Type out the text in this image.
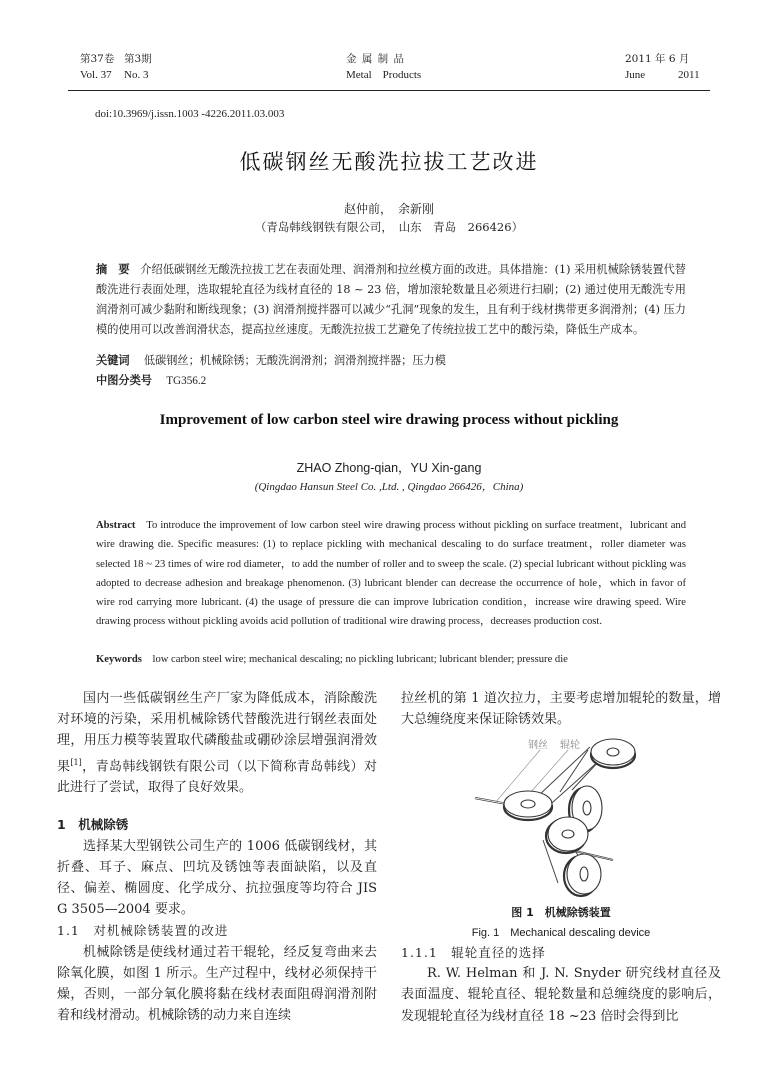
第37卷 第3期
Vol. 37 No. 3
金 属 制 品
Metal    Products
2011 年 6 月
June	2011
doi:10.3969/j.issn.1003 -4226.2011.03.003
低碳钢丝无酸洗拉拔工艺改进
赵仲前，　余新刚
（青岛韩线钢铁有限公司，　山东　青岛　266426）
摘　要 介绍低碳钢丝无酸洗拉拔工艺在表面处理、润滑剂和拉丝模方面的改进。具体措施：(1) 采用机械除锈装置代替酸洗进行表面处理，选取辊轮直径为线材直径的 18 ~ 23 倍，增加滚轮数量且必须进行扫刷；(2) 通过使用无酸洗专用润滑剂可减少黏附和断线现象；(3) 润滑剂搅拌器可以减少“孔洞”现象的发生，且有利于线材携带更多润滑剂；(4) 压力模的使用可以改善润滑状态，提高拉丝速度。无酸洗拉拔工艺避免了传统拉拔工艺中的酸污染，降低生产成本。
关键词 低碳钢丝；机械除锈；无酸洗润滑剂；润滑剂搅拌器；压力模
中图分类号 TG356.2
Improvement of low carbon steel wire drawing process without pickling
ZHAO Zhong-qian，YU Xin-gang
(Qingdao Hansun Steel Co. ,Ltd. , Qingdao 266426，China)
Abstract To introduce the improvement of low carbon steel wire drawing process without pickling on surface treatment，lubricant and wire drawing die. Specific measures: (1) to replace pickling with mechanical descaling to do surface treatment，roller diameter was selected 18 ~ 23 times of wire rod diameter，to add the number of roller and to sweep the scale. (2) special lubricant without pickling was adopted to decrease adhesion and breakage phenomenon. (3) lubricant blender can decrease the occurrence of hole，which in favor of wire rod carrying more lubricant. (4) the usage of pressure die can improve lubrication condition，increase wire drawing speed. Wire drawing process without pickling avoids acid pollution of traditional wire drawing process，decreases production cost.
Keywords low carbon steel wire; mechanical descaling; no pickling lubricant; lubricant blender; pressure die

国内一些低碳钢丝生产厂家为降低成本，消除酸洗对环境的污染，采用机械除锈代替酸洗进行钢丝表面处理，用压力模等装置取代磷酸盐或硼砂涂层增强润滑效果[1]，青岛韩线钢铁有限公司（以下简称青岛韩线）对此进行了尝试，取得了良好效果。

1　机械除锈

选择某大型钢铁公司生产的 1006 低碳钢线材，其折叠、耳子、麻点、凹坑及锈蚀等表面缺陷，以及直径、偏差、椭圆度、化学成分、抗拉强度等均符合 JIS G 3505—2004 要求。

1.1　对机械除锈装置的改进

机械除锈是使线材通过若干辊轮，经反复弯曲来去除氧化膜，如图 1 所示。生产过程中，线材必须保持干燥，否则，一部分氧化膜将黏在线材表面阻碍润滑剂附着和线材滑动。机械除锈的动力来自连续

拉丝机的第 1 道次拉力，主要考虑增加辊轮的数量，增大总缠绕度来保证除锈效果。

钢丝 辊轮
图 1　机械除锈装置
Fig. 1　Mechanical descaling device

1.1.1　辊轮直径的选择

R. W. Helman 和 J. N. Snyder 研究线材直径及表面温度、辊轮直径、辊轮数量和总缠绕度的影响后，发现辊轮直径为线材直径 18 ~23 倍时会得到比
